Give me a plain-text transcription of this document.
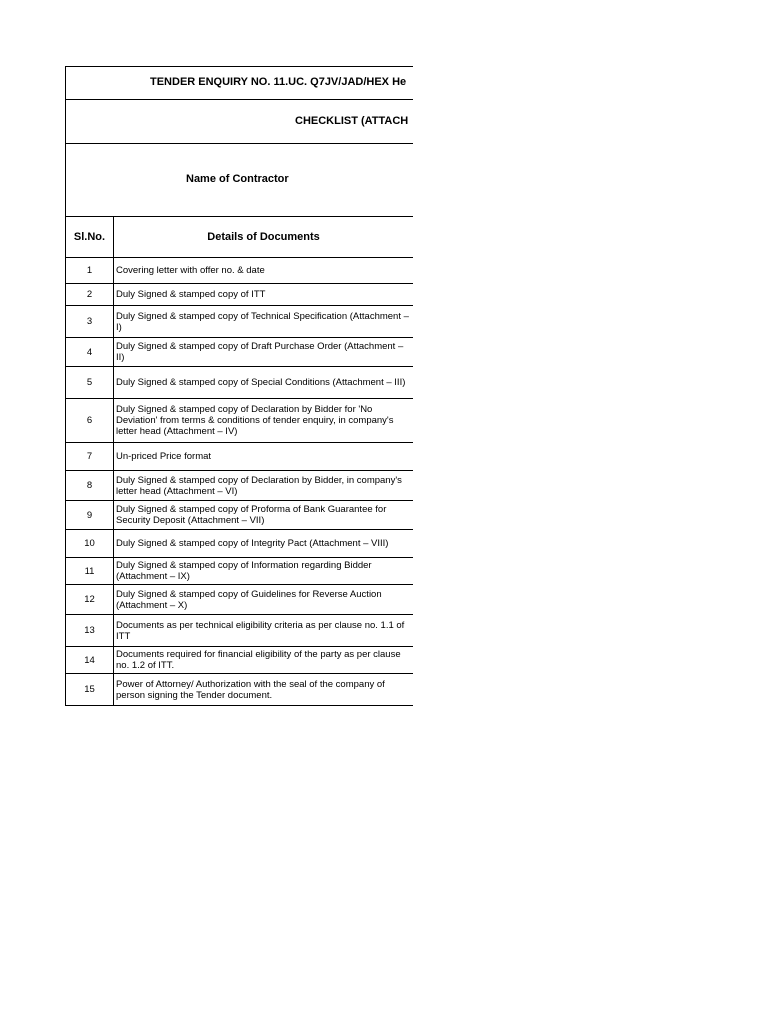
TENDER ENQUIRY NO. 11.UC. Q7JV/JAD/HEX He
CHECKLIST (ATTACH
Name of Contractor
Sl.No.	Details of Documents	
1	Covering letter with offer no. & date	
2	Duly Signed & stamped copy of ITT	
3	Duly Signed & stamped copy of Technical Specification (Attachment – I)	
4	Duly Signed & stamped copy of Draft Purchase Order (Attachment – II)	
5	Duly Signed & stamped copy of Special Conditions (Attachment – III)	
6	Duly Signed & stamped copy of Declaration by Bidder for 'No Deviation' from terms & conditions of tender enquiry, in company's letter head (Attachment – IV)	
7	Un-priced Price format	
8	Duly Signed & stamped copy of Declaration by Bidder, in company's letter head (Attachment – VI)	
9	Duly Signed & stamped copy of Proforma of Bank Guarantee for Security Deposit (Attachment – VII)	
10	Duly Signed & stamped copy of Integrity Pact (Attachment – VIII)	
11	Duly Signed & stamped copy of Information regarding Bidder (Attachment – IX)	
12	Duly Signed & stamped copy of Guidelines for Reverse Auction (Attachment – X)	
13	Documents as per technical eligibility criteria as per clause no. 1.1 of ITT	
14	Documents required for financial eligibility of the party as per clause no. 1.2 of ITT.	
15	Power of Attorney/ Authorization with the seal of the company of person signing the Tender document.	
